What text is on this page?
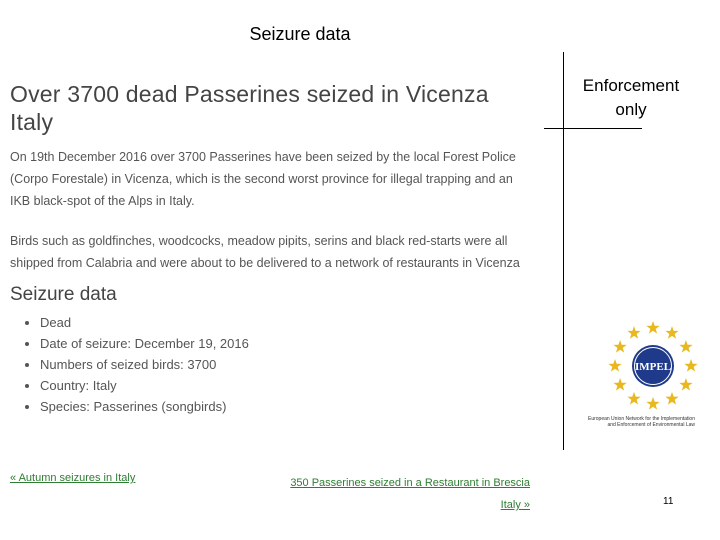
Seizure data
Enforcement only
Over 3700 dead Passerines seized in Vicenza Italy

On 19th December 2016 over 3700 Passerines have been seized by the local Forest Police (Corpo Forestale) in Vicenza, which is the second worst province for illegal trapping and an IKB black-spot of the Alps in Italy.

Birds such as goldfinches, woodcocks, meadow pipits, serins and black red-starts were all shipped from Calabria and were about to be delivered to a network of restaurants in Vicenza

Seizure data
• Dead
• Date of seizure: December 19, 2016
• Numbers of seized birds: 3700
• Country: Italy
• Species: Passerines (songbirds)
« Autumn seizures in Italy	350 Passerines seized in a Restaurant in Brescia Italy »
IMPEL
European Union Network for the Implementation and Enforcement of Environmental Law
11
